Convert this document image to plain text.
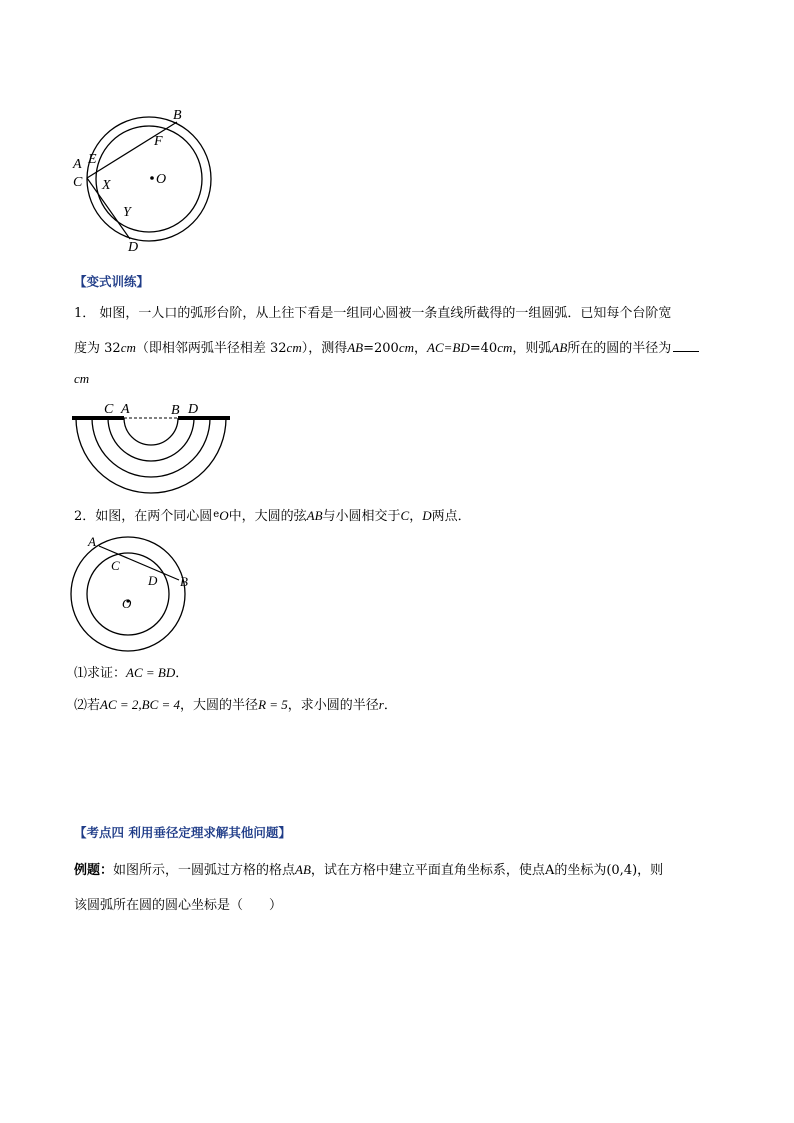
B
F
A E
C X	O
Y
D
【变式训练】
1． 如图，一人口的弧形台阶，从上往下看是一组同心圆被一条直线所截得的一组圆弧．已知每个台阶宽
度为 32cm（即相邻两弧半径相差 32cm），测得AB=200cm，AC=BD=40cm，则弧AB所在的圆的半径为
cm
C A	B D
2．如图，在两个同心圆$^e$O中，大圆的弦AB与小圆相交于C，D两点．
A
C
D B
O
⑴求证：AC = BD．
⑵若AC = 2,BC = 4，大圆的半径R = 5，求小圆的半径r．
【考点四 利用垂径定理求解其他问题】
例题：如图所示，一圆弧过方格的格点AB，试在方格中建立平面直角坐标系，使点A的坐标为(0,4)，则
该圆弧所在圆的圆心坐标是（　　）
